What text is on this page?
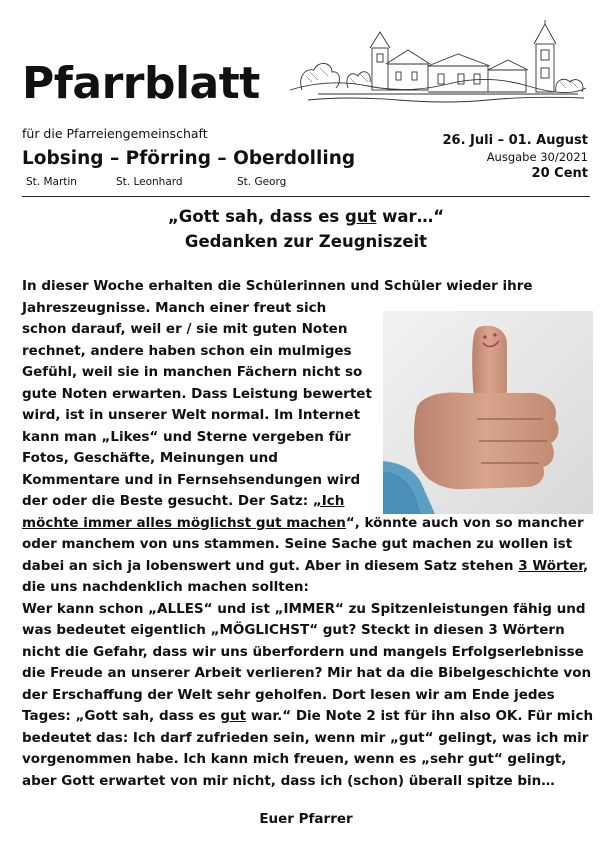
Pfarrblatt
für die Pfarreiengemeinschaft
Lobsing – Pförring – Oberdolling
St. Martin	St. Leonhard	St. Georg
26. Juli – 01. August
Ausgabe 30/2021
20 Cent
„Gott sah, dass es gut war…“
Gedanken zur Zeugniszeit
In dieser Woche erhalten die Schülerinnen und Schüler wieder ihre
Jahreszeugnisse. Manch einer freut sich
schon darauf, weil er / sie mit guten Noten
rechnet, andere haben schon ein mulmiges
Gefühl, weil sie in manchen Fächern nicht so
gute Noten erwarten. Dass Leistung bewertet
wird, ist in unserer Welt normal. Im Internet
kann man „Likes“ und Sterne vergeben für
Fotos, Geschäfte, Meinungen und
Kommentare und in Fernsehsendungen wird
der oder die Beste gesucht. Der Satz: „Ich
möchte immer alles möglichst gut machen“, könnte auch von so mancher
oder manchem von uns stammen. Seine Sache gut machen zu wollen ist
dabei an sich ja lobenswert und gut. Aber in diesem Satz stehen 3 Wörter,
die uns nachdenklich machen sollten:
Wer kann schon „ALLES“ und ist „IMMER“ zu Spitzenleistungen fähig und
was bedeutet eigentlich „MÖGLICHST“ gut? Steckt in diesen 3 Wörtern
nicht die Gefahr, dass wir uns überfordern und mangels Erfolgserlebnisse
die Freude an unserer Arbeit verlieren? Mir hat da die Bibelgeschichte von
der Erschaffung der Welt sehr geholfen. Dort lesen wir am Ende jedes
Tages: „Gott sah, dass es gut war.“ Die Note 2 ist für ihn also OK. Für mich
bedeutet das: Ich darf zufrieden sein, wenn mir „gut“ gelingt, was ich mir
vorgenommen habe. Ich kann mich freuen, wenn es „sehr gut“ gelingt,
aber Gott erwartet von mir nicht, dass ich (schon) überall spitze bin…
Euer Pfarrer
